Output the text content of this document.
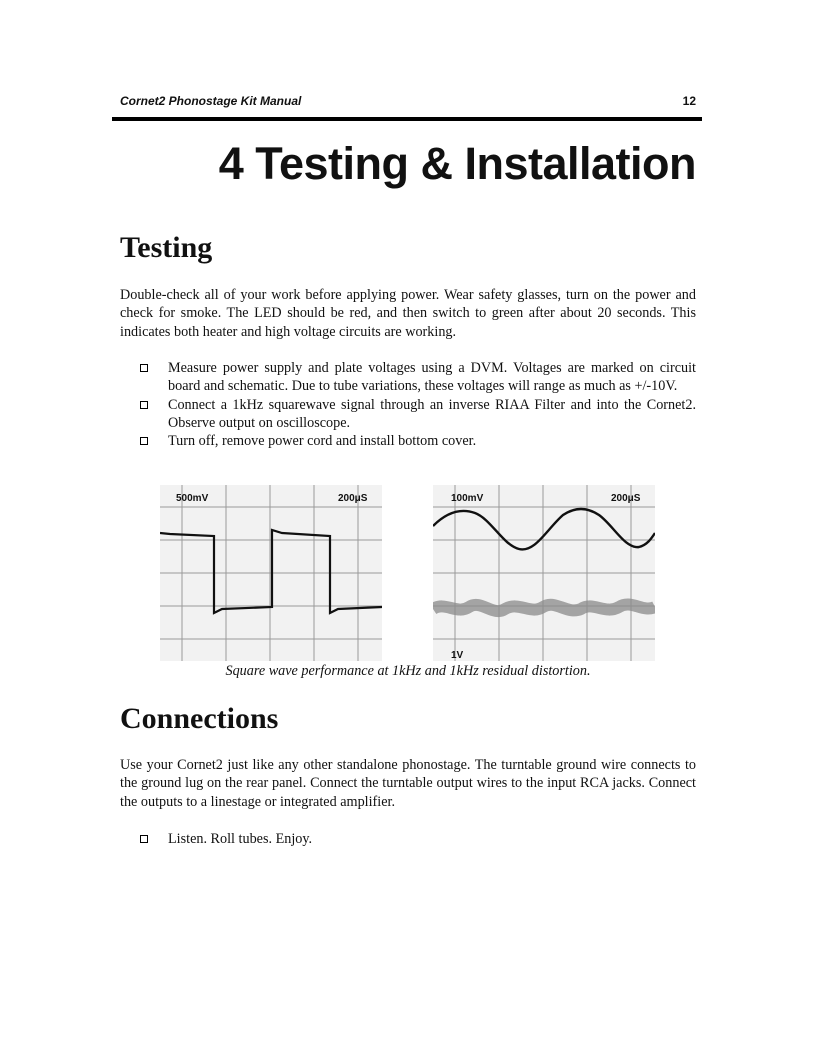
Cornet2 Phonostage Kit Manual	12
4 Testing & Installation
Testing

Double-check all of your work before applying power. Wear safety glasses, turn on the power and check for smoke. The LED should be red, and then switch to green after about 20 seconds. This indicates both heater and high voltage circuits are working.

Measure power supply and plate voltages using a DVM. Voltages are marked on circuit board and schematic. Due to tube variations, these voltages will range as much as +/-10V.
Connect a 1kHz squarewave signal through an inverse RIAA Filter and into the Cornet2. Observe output on oscilloscope.
Turn off, remove power cord and install bottom cover.
500mV	200μS	100mV	200μS
1V
Square wave performance at 1kHz and 1kHz residual distortion.
Connections

Use your Cornet2 just like any other standalone phonostage. The turntable ground wire connects to the ground lug on the rear panel. Connect the turntable output wires to the input RCA jacks. Connect the outputs to a linestage or integrated amplifier.

Listen. Roll tubes. Enjoy.
